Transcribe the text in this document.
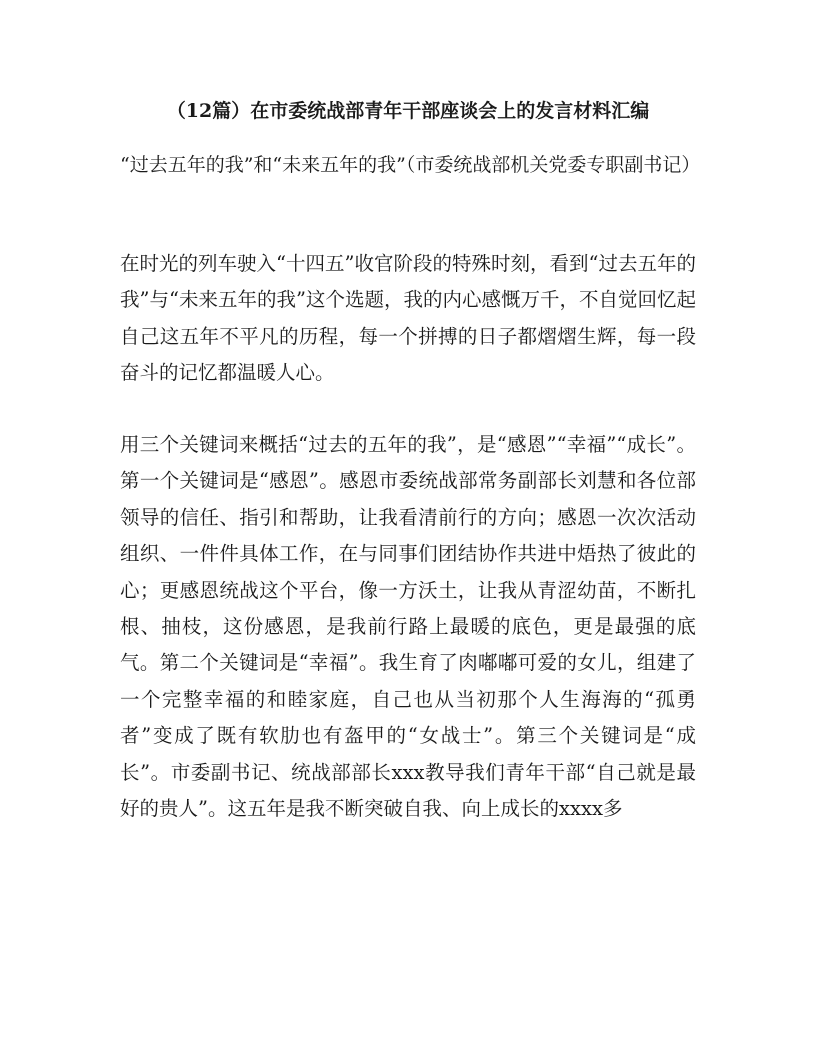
（12篇）在市委统战部青年干部座谈会上的发言材料汇编

“过去五年的我”和“未来五年的我”（市委统战部机关党委专职副书记）

在时光的列车驶入“十四五”收官阶段的特殊时刻，看到“过去五年的我”与“未来五年的我”这个选题，我的内心感慨万千，不自觉回忆起自己这五年不平凡的历程，每一个拼搏的日子都熠熠生辉，每一段奋斗的记忆都温暖人心。

用三个关键词来概括“过去的五年的我”，是“感恩”“幸福”“成长”。第一个关键词是“感恩”。感恩市委统战部常务副部长刘慧和各位部领导的信任、指引和帮助，让我看清前行的方向；感恩一次次活动组织、一件件具体工作，在与同事们团结协作共进中焐热了彼此的心；更感恩统战这个平台，像一方沃土，让我从青涩幼苗，不断扎根、抽枝，这份感恩，是我前行路上最暖的底色，更是最强的底气。第二个关键词是“幸福”。我生育了肉嘟嘟可爱的女儿，组建了一个完整幸福的和睦家庭，自己也从当初那个人生海海的“孤勇者”变成了既有软肋也有盔甲的“女战士”。第三个关键词是“成长”。市委副书记、统战部部长xxx教导我们青年干部“自己就是最好的贵人”。这五年是我不断突破自我、向上成长的xxxx多
